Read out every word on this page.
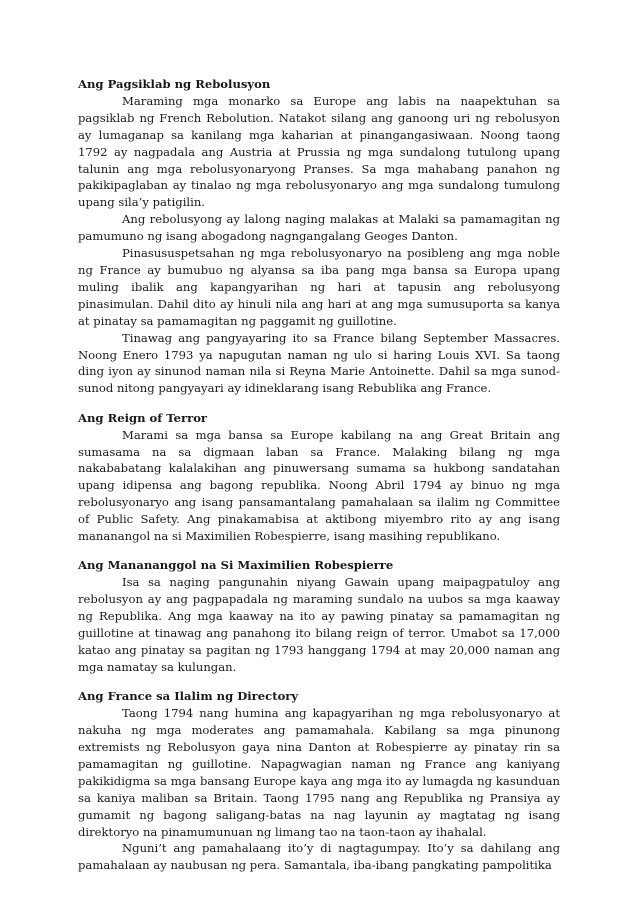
Ang Pagsiklab ng Rebolusyon

Maraming mga monarko sa Europe ang labis na naapektuhan sa pagsiklab ng French Rebolution. Natakot silang ang ganoong uri ng rebolusyon ay lumaganap sa kanilang mga kaharian at pinangangasiwaan. Noong taong 1792 ay nagpadala ang Austria at Prussia ng mga sundalong tutulong upang talunin ang mga rebolusyonaryong Pranses. Sa mga mahabang panahon ng pakikipaglaban ay tinalao ng mga rebolusyonaryo ang mga sundalong tumulong upang sila’y patigilin.

Ang rebolusyong ay lalong naging malakas at Malaki sa pamamagitan ng pamumuno ng isang abogadong nagngangalang Geoges Danton.

Pinasususpetsahan ng mga rebolusyonaryo na posibleng ang mga noble ng France ay bumubuo ng alyansa sa iba pang mga bansa sa Europa upang muling ibalik ang kapangyarihan ng hari at tapusin ang rebolusyong pinasimulan. Dahil dito ay hinuli nila ang hari at ang mga sumusuporta sa kanya at pinatay sa pamamagitan ng paggamit ng guillotine.

Tinawag ang pangyayaring ito sa France bilang September Massacres. Noong Enero 1793 ya napugutan naman ng ulo si haring Louis XVI. Sa taong ding iyon ay sinunod naman nila si Reyna Marie Antoinette. Dahil sa mga sunod-sunod nitong pangyayari ay idineklarang isang Rebublika ang France.

Ang Reign of Terror

Marami sa mga bansa sa Europe kabilang na ang Great Britain ang sumasama na sa digmaan laban sa France. Malaking bilang ng mga nakababatang kalalakihan ang pinuwersang sumama sa hukbong sandatahan upang idipensa ang bagong republika. Noong Abril 1794 ay binuo ng mga rebolusyonaryo ang isang pansamantalang pamahalaan sa ilalim ng Committee of Public Safety. Ang pinakamabisa at aktibong miyembro rito ay ang isang mananangol na si Maximilien Robespierre, isang masihing republikano.

Ang Manananggol na Si Maximilien Robespierre

Isa sa naging pangunahin niyang Gawain upang maipagpatuloy ang rebolusyon ay ang pagpapadala ng maraming sundalo na uubos sa mga kaaway ng Republika. Ang mga kaaway na ito ay pawing pinatay sa pamamagitan ng guillotine at tinawag ang panahong ito bilang reign of terror. Umabot sa 17,000 katao ang pinatay sa pagitan ng 1793 hanggang 1794 at may 20,000 naman ang mga namatay sa kulungan.

Ang France sa Ilalim ng Directory

Taong 1794 nang humina ang kapagyarihan ng mga rebolusyonaryo at nakuha ng mga moderates ang pamamahala. Kabilang sa mga pinunong extremists ng Rebolusyon gaya nina Danton at Robespierre ay pinatay rin sa pamamagitan ng guillotine. Napagwagian naman ng France ang kaniyang pakikidigma sa mga bansang Europe kaya ang mga ito ay lumagda ng kasunduan sa kaniya maliban sa Britain. Taong 1795 nang ang Republika ng Pransiya ay gumamit ng bagong saligang-batas na nag layunin ay magtatag ng isang direktoryo na pinamumunuan ng limang tao na taon-taon ay ihahalal.

Nguni’t ang pamahalaang ito’y di nagtagumpay. Ito’y sa dahilang ang pamahalaan ay naubusan ng pera. Samantala, iba-ibang pangkating pampolitika
